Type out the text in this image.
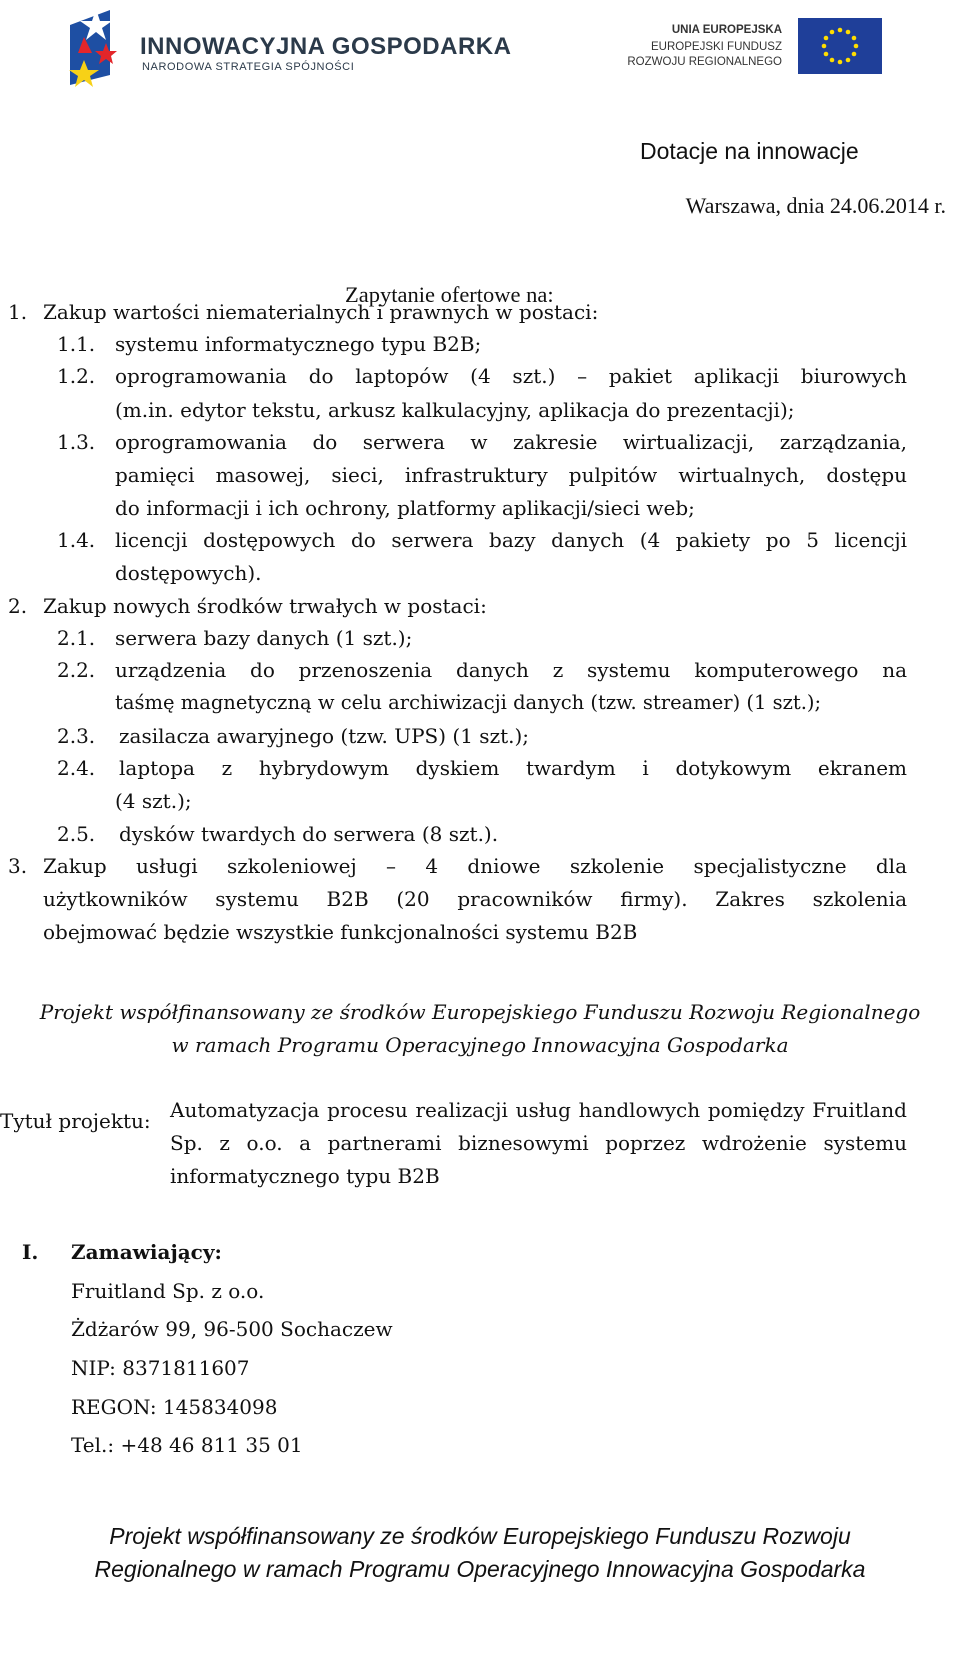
INNOWACYJNA GOSPODARKA
NARODOWA STRATEGIA SPÓJNOŚCI
UNIA EUROPEJSKA
EUROPEJSKI FUNDUSZ
ROZWOJU REGIONALNEGO
Dotacje na innowacje
Warszawa, dnia 24.06.2014 r.
Zapytanie ofertowe na:
1. Zakup wartości niematerialnych i prawnych w postaci:
1.1. systemu informatycznego typu B2B;
1.2. oprogramowania do laptopów (4 szt.) – pakiet aplikacji biurowych
(m.in. edytor tekstu, arkusz kalkulacyjny, aplikacja do prezentacji);
1.3. oprogramowania do serwera w zakresie wirtualizacji, zarządzania,
pamięci masowej, sieci, infrastruktury pulpitów wirtualnych, dostępu
do informacji i ich ochrony, platformy aplikacji/sieci web;
1.4. licencji dostępowych do serwera bazy danych (4 pakiety po 5 licencji
dostępowych).
2. Zakup nowych środków trwałych w postaci:
2.1. serwera bazy danych (1 szt.);
2.2. urządzenia do przenoszenia danych z systemu komputerowego na
taśmę magnetyczną w celu archiwizacji danych (tzw. streamer) (1 szt.);
2.3. zasilacza awaryjnego (tzw. UPS) (1 szt.);
2.4. laptopa z hybrydowym dyskiem twardym i dotykowym ekranem
(4 szt.);
2.5. dysków twardych do serwera (8 szt.).
3. Zakup usługi szkoleniowej – 4 dniowe szkolenie specjalistyczne dla
użytkowników systemu B2B (20 pracowników firmy). Zakres szkolenia
obejmować będzie wszystkie funkcjonalności systemu B2B
Projekt współfinansowany ze środków Europejskiego Funduszu Rozwoju Regionalnego
w ramach Programu Operacyjnego Innowacyjna Gospodarka
Tytuł projektu: Automatyzacja procesu realizacji usług handlowych pomiędzy Fruitland
Sp. z o.o. a partnerami biznesowymi poprzez wdrożenie systemu
informatycznego typu B2B
I. Zamawiający:
Fruitland Sp. z o.o.
Żdżarów 99, 96-500 Sochaczew
NIP: 8371811607
REGON: 145834098
Tel.: +48 46 811 35 01
Projekt współfinansowany ze środków Europejskiego Funduszu Rozwoju
Regionalnego w ramach Programu Operacyjnego Innowacyjna Gospodarka
